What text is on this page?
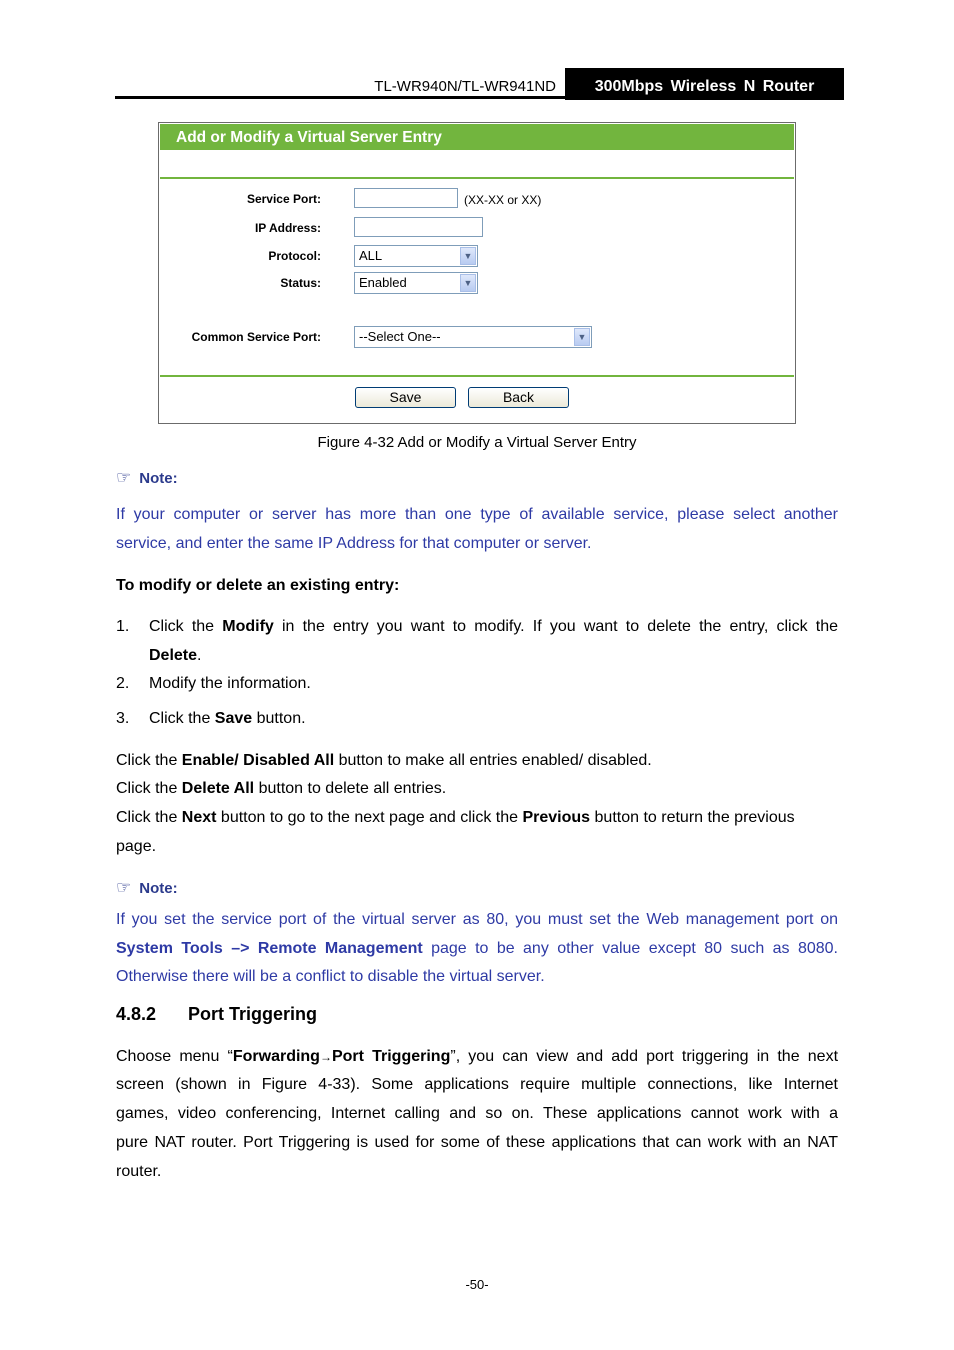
TL-WR940N/TL-WR941ND	300Mbps Wireless N Router
Add or Modify a Virtual Server Entry
Service Port:	(XX-XX or XX)
IP Address:
Protocol:	ALL	▼
Status:	Enabled	▼
Common Service Port:	--Select One--	▼
Save	Back
Figure 4-32 Add or Modify a Virtual Server Entry
☞ Note:
If your computer or server has more than one type of available service, please select another
service, and enter the same IP Address for that computer or server.
To modify or delete an existing entry:
1. Click the Modify in the entry you want to modify. If you want to delete the entry, click the
Delete.
2. Modify the information.
3. Click the Save button.
Click the Enable/ Disabled All button to make all entries enabled/ disabled.
Click the Delete All button to delete all entries.
Click the Next button to go to the next page and click the Previous button to return the previous
page.
☞ Note:
If you set the service port of the virtual server as 80, you must set the Web management port on
System Tools –> Remote Management page to be any other value except 80 such as 8080.
Otherwise there will be a conflict to disable the virtual server.
4.8.2 Port Triggering
Choose menu “Forwarding→Port Triggering”, you can view and add port triggering in the next
screen (shown in Figure 4-33). Some applications require multiple connections, like Internet
games, video conferencing, Internet calling and so on. These applications cannot work with a
pure NAT router. Port Triggering is used for some of these applications that can work with an NAT
router.
-50-
